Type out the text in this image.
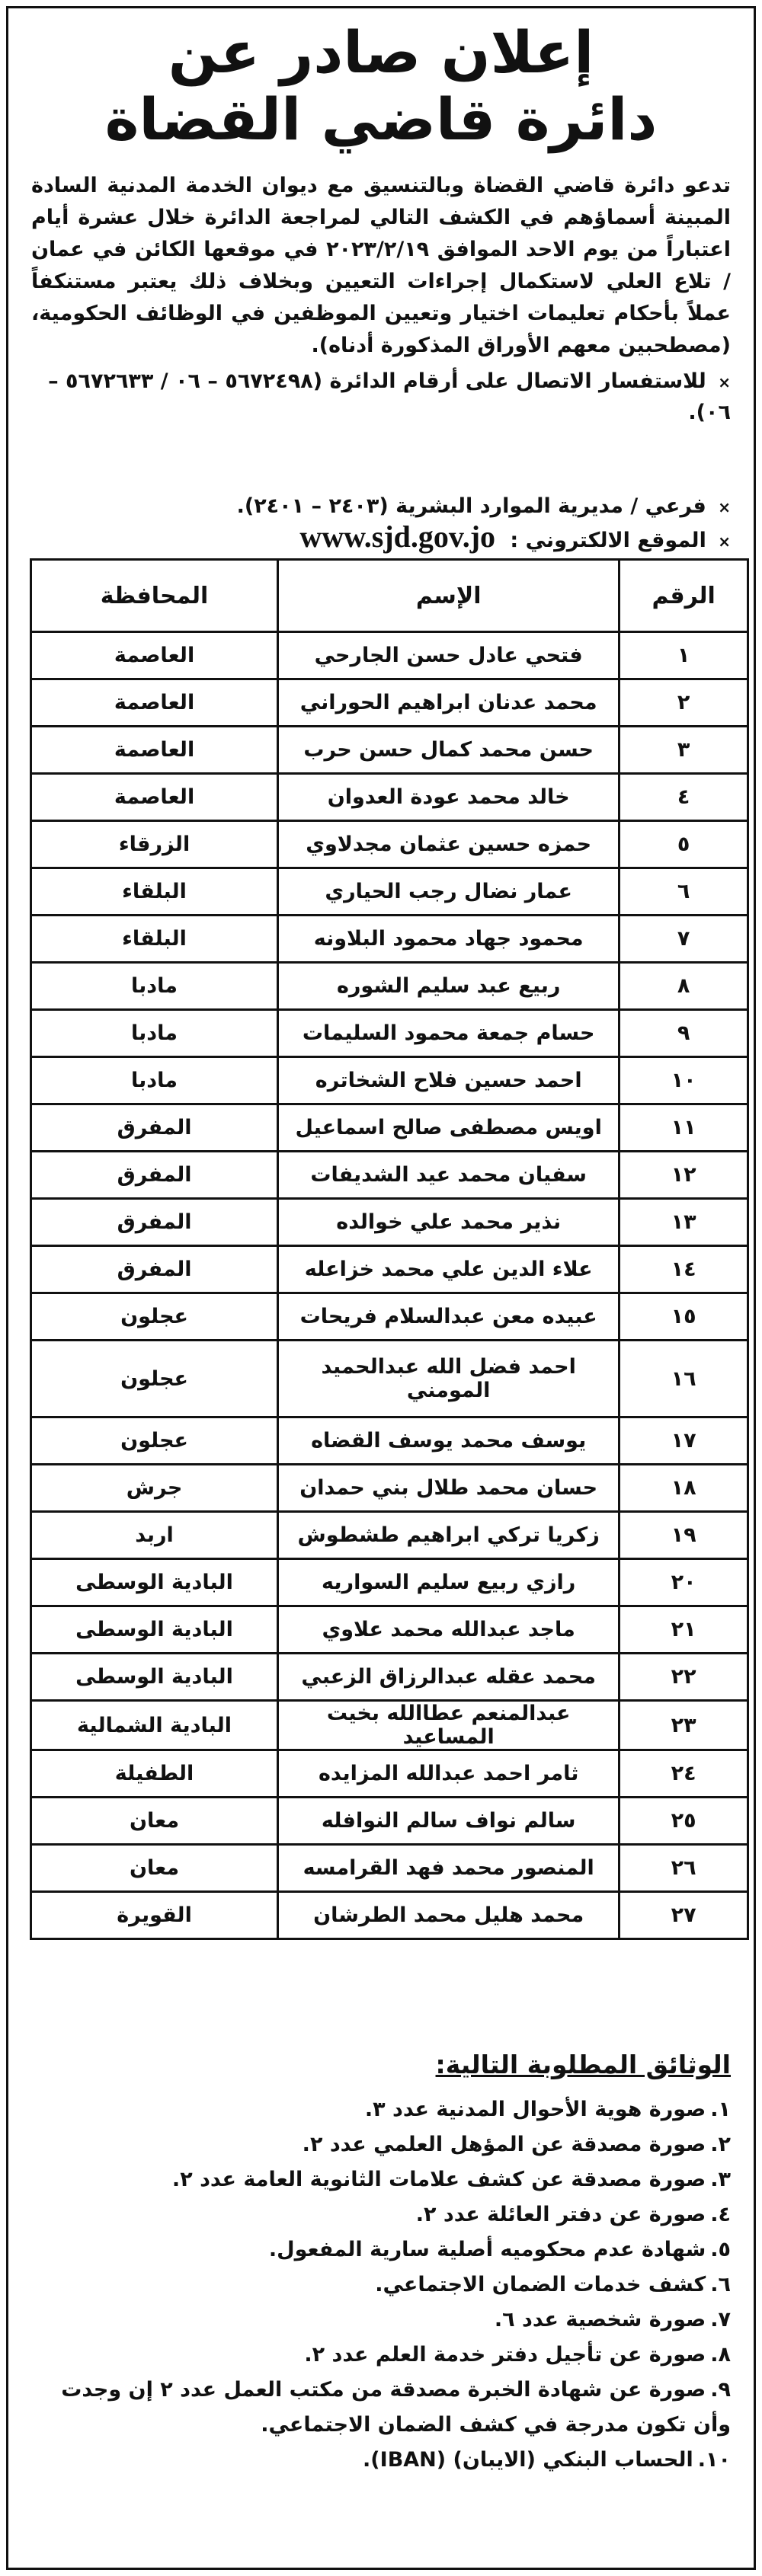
إعلان صادر عن
دائرة قاضي القضاة
تدعو دائرة قاضي القضاة وبالتنسيق مع ديوان الخدمة المدنية السادة المبينة أسماؤهم في الكشف التالي لمراجعة الدائرة خلال عشرة أيام اعتباراً من يوم الاحد الموافق ٢٠٢٣/٢/١٩ في موقعها الكائن في عمان / تلاع العلي لاستكمال إجراءات التعيين وبخلاف ذلك يعتبر مستنكفاً عملاً بأحكام تعليمات اختيار وتعيين الموظفين في الوظائف الحكومية، (مصطحبين معهم الأوراق المذكورة أدناه).
× للاستفسار الاتصال على أرقام الدائرة (٥٦٧٢٤٩٨ – ٠٦ / ٥٦٧٢٦٣٣ – ٠٦).
× فرعي / مديرية الموارد البشرية (٢٤٠٣ – ٢٤٠١).
× الموقع الالكتروني : www.sjd.gov.jo
الرقم	الإسم	المحافظة
١	فتحي عادل حسن الجارحي	العاصمة
٢	محمد عدنان ابراهيم الحوراني	العاصمة
٣	حسن محمد كمال حسن حرب	العاصمة
٤	خالد محمد عودة العدوان	العاصمة
٥	حمزه حسين عثمان مجدلاوي	الزرقاء
٦	عمار نضال رجب الحياري	البلقاء
٧	محمود جهاد محمود البلاونه	البلقاء
٨	ربيع عبد سليم الشوره	مادبا
٩	حسام جمعة محمود السليمات	مادبا
١٠	احمد حسين فلاح الشخاتره	مادبا
١١	اويس مصطفى صالح اسماعيل	المفرق
١٢	سفيان محمد عيد الشديفات	المفرق
١٣	نذير محمد علي خوالده	المفرق
١٤	علاء الدين علي محمد خزاعله	المفرق
١٥	عبيده معن عبدالسلام فريحات	عجلون
١٦	احمد فضل الله عبدالحميد المومني	عجلون
١٧	يوسف محمد يوسف القضاه	عجلون
١٨	حسان محمد طلال بني حمدان	جرش
١٩	زكريا تركي ابراهيم طشطوش	اربد
٢٠	رازي ربيع سليم السواريه	البادية الوسطى
٢١	ماجد عبدالله محمد علاوي	البادية الوسطى
٢٢	محمد عقله عبدالرزاق الزعبي	البادية الوسطى
٢٣	عبدالمنعم عطاالله بخيت المساعيد	البادية الشمالية
٢٤	ثامر احمد عبدالله المزايده	الطفيلة
٢٥	سالم نواف سالم النوافله	معان
٢٦	المنصور محمد فهد القرامسه	معان
٢٧	محمد هليل محمد الطرشان	القويرة
الوثائق المطلوبة التالية:
١.صورة هوية الأحوال المدنية عدد ٣.
٢.صورة مصدقة عن المؤهل العلمي عدد ٢.
٣.صورة مصدقة عن كشف علامات الثانوية العامة عدد ٢.
٤.صورة عن دفتر العائلة عدد ٢.
٥.شهادة عدم محكوميه أصلية سارية المفعول.
٦.كشف خدمات الضمان الاجتماعي.
٧.صورة شخصية عدد ٦.
٨.صورة عن تأجيل دفتر خدمة العلم عدد ٢.
٩.صورة عن شهادة الخبرة مصدقة من مكتب العمل عدد ٢ إن وجدت وأن تكون مدرجة في كشف الضمان الاجتماعي.
١٠.الحساب البنكي (الايبان) (IBAN).
